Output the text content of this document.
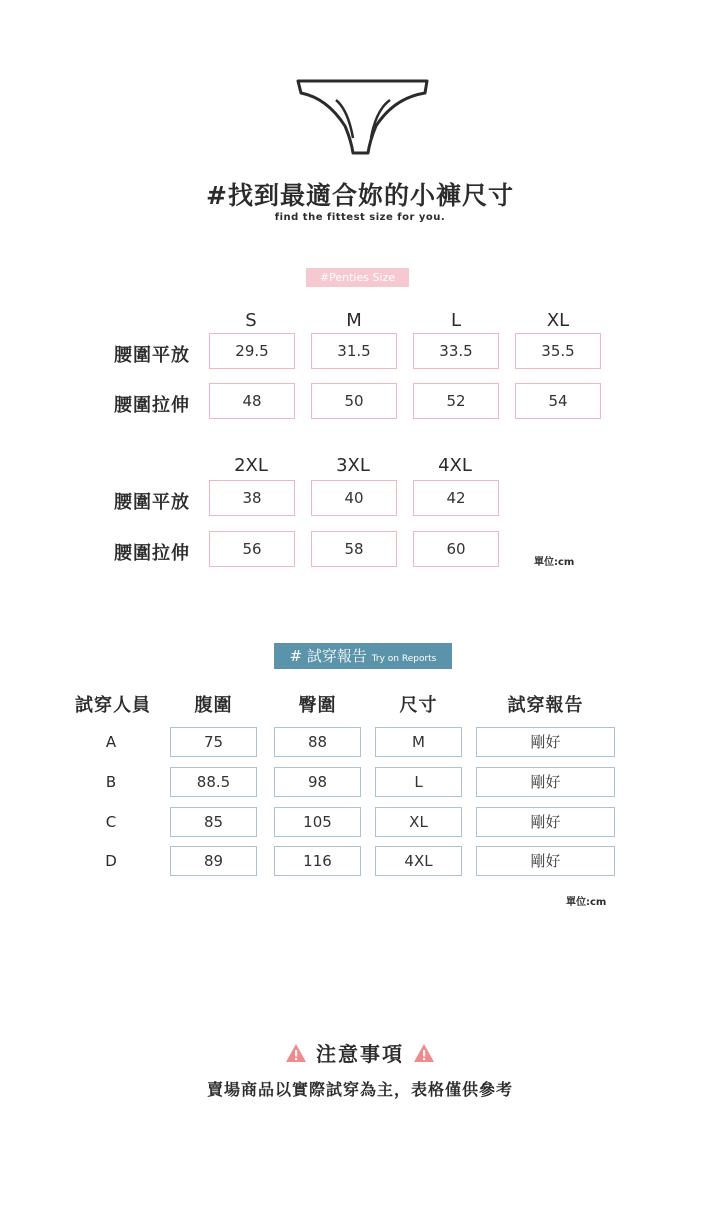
#找到最適合妳的小褲尺寸
find the fittest size for you.
#Penties Size
S	M	L	XL
腰圍平放	29.5	31.5	33.5	35.5
腰圍拉伸	48	50	52	54
2XL	3XL	4XL
腰圍平放	38	40	42
腰圍拉伸	56	58	60
單位:cm
# 試穿報告 Try on Reports
試穿人員	腹圍	臀圍	尺寸	試穿報告
A	75	88	M	剛好
B	88.5	98	L	剛好
C	85	105	XL	剛好
D	89	116	4XL	剛好
單位:cm
注意事項
賣場商品以實際試穿為主，表格僅供參考
